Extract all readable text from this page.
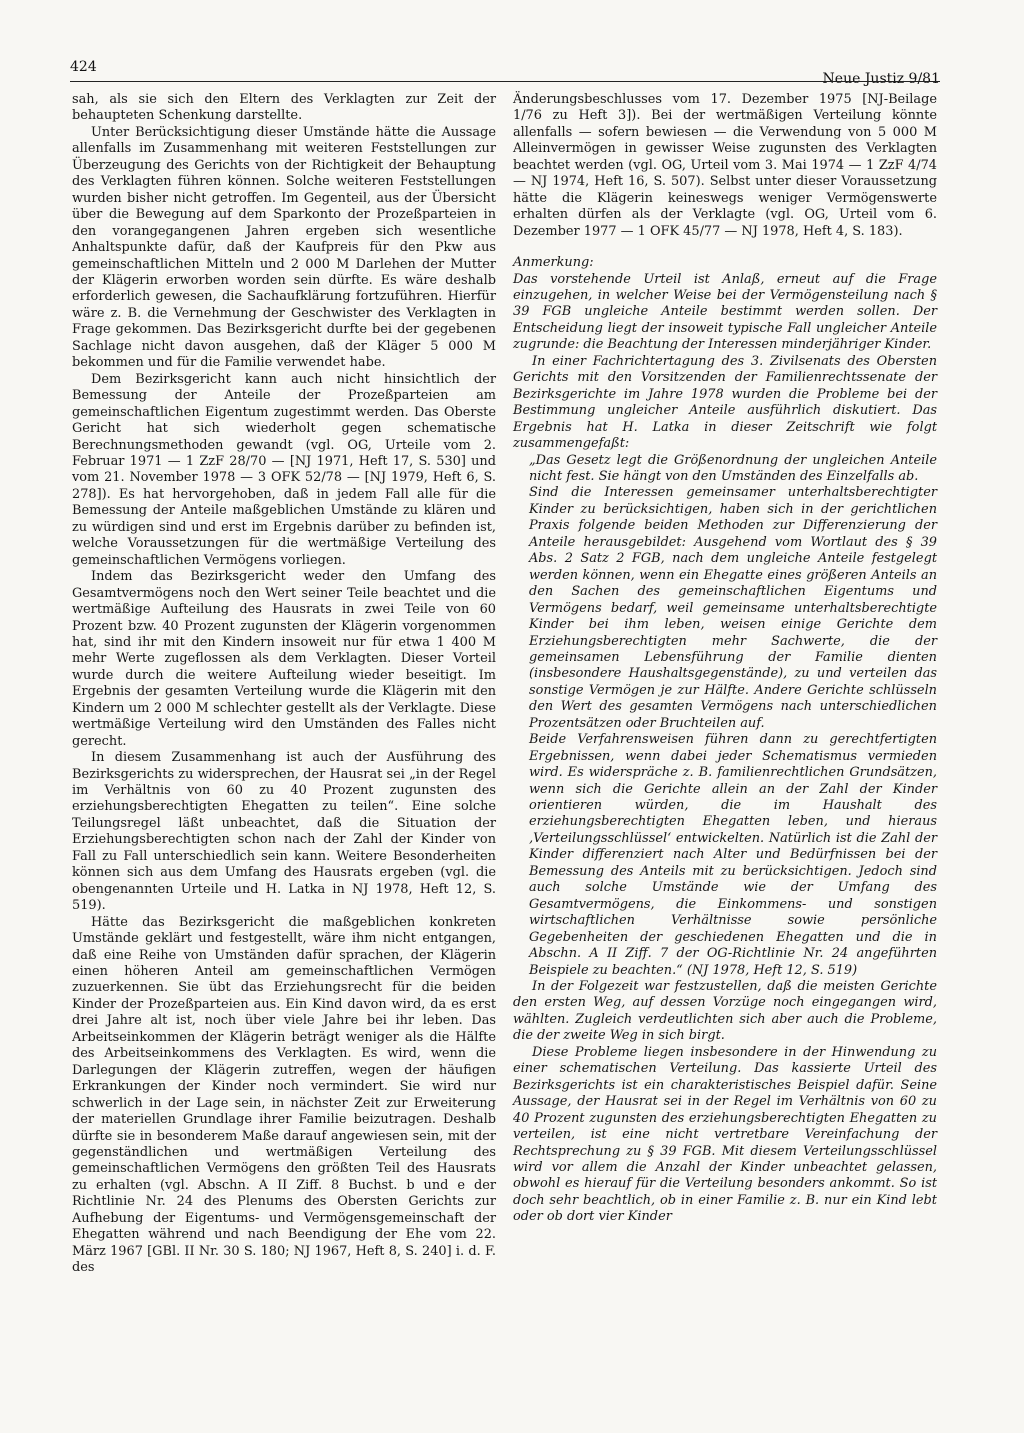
424
Neue Justiz 9/81

sah, als sie sich den Eltern des Verklagten zur Zeit der behaupteten Schenkung darstellte.

Unter Berücksichtigung dieser Umstände hätte die Aussage allenfalls im Zusammenhang mit weiteren Feststellungen zur Überzeugung des Gerichts von der Richtigkeit der Behauptung des Verklagten führen können. Solche weiteren Feststellungen wurden bisher nicht getroffen. Im Gegenteil, aus der Übersicht über die Bewegung auf dem Sparkonto der Prozeßparteien in den vorangegangenen Jahren ergeben sich wesentliche Anhaltspunkte dafür, daß der Kaufpreis für den Pkw aus gemeinschaftlichen Mitteln und 2 000 M Darlehen der Mutter der Klägerin erworben worden sein dürfte. Es wäre deshalb erforderlich gewesen, die Sachaufklärung fortzuführen. Hierfür wäre z. B. die Vernehmung der Geschwister des Verklagten in Frage gekommen. Das Bezirksgericht durfte bei der gegebenen Sachlage nicht davon ausgehen, daß der Kläger 5 000 M bekommen und für die Familie verwendet habe.

Dem Bezirksgericht kann auch nicht hinsichtlich der Bemessung der Anteile der Prozeßparteien am gemeinschaftlichen Eigentum zugestimmt werden. Das Oberste Gericht hat sich wiederholt gegen schematische Berechnungsmethoden gewandt (vgl. OG, Urteile vom 2. Februar 1971 — 1 ZzF 28/70 — [NJ 1971, Heft 17, S. 530] und vom 21. November 1978 — 3 OFK 52/78 — [NJ 1979, Heft 6, S. 278]). Es hat hervorgehoben, daß in jedem Fall alle für die Bemessung der Anteile maßgeblichen Umstände zu klären und zu würdigen sind und erst im Ergebnis darüber zu befinden ist, welche Voraussetzungen für die wertmäßige Verteilung des gemeinschaftlichen Vermögens vorliegen.

Indem das Bezirksgericht weder den Umfang des Gesamtvermögens noch den Wert seiner Teile beachtet und die wertmäßige Aufteilung des Hausrats in zwei Teile von 60 Prozent bzw. 40 Prozent zugunsten der Klägerin vorgenommen hat, sind ihr mit den Kindern insoweit nur für etwa 1 400 M mehr Werte zugeflossen als dem Verklagten. Dieser Vorteil wurde durch die weitere Aufteilung wieder beseitigt. Im Ergebnis der gesamten Verteilung wurde die Klägerin mit den Kindern um 2 000 M schlechter gestellt als der Verklagte. Diese wertmäßige Verteilung wird den Umständen des Falles nicht gerecht.

In diesem Zusammenhang ist auch der Ausführung des Bezirksgerichts zu widersprechen, der Hausrat sei „in der Regel im Verhältnis von 60 zu 40 Prozent zugunsten des erziehungsberechtigten Ehegatten zu teilen“. Eine solche Teilungsregel läßt unbeachtet, daß die Situation der Erziehungsberechtigten schon nach der Zahl der Kinder von Fall zu Fall unterschiedlich sein kann. Weitere Besonderheiten können sich aus dem Umfang des Hausrats ergeben (vgl. die obengenannten Urteile und H. Latka in NJ 1978, Heft 12, S. 519).

Hätte das Bezirksgericht die maßgeblichen konkreten Umstände geklärt und festgestellt, wäre ihm nicht entgangen, daß eine Reihe von Umständen dafür sprachen, der Klägerin einen höheren Anteil am gemeinschaftlichen Vermögen zuzuerkennen. Sie übt das Erziehungsrecht für die beiden Kinder der Prozeßparteien aus. Ein Kind davon wird, da es erst drei Jahre alt ist, noch über viele Jahre bei ihr leben. Das Arbeitseinkommen der Klägerin beträgt weniger als die Hälfte des Arbeitseinkommens des Verklagten. Es wird, wenn die Darlegungen der Klägerin zutreffen, wegen der häufigen Erkrankungen der Kinder noch vermindert. Sie wird nur schwerlich in der Lage sein, in nächster Zeit zur Erweiterung der materiellen Grundlage ihrer Familie beizutragen. Deshalb dürfte sie in besonderem Maße darauf angewiesen sein, mit der gegenständlichen und wertmäßigen Verteilung des gemeinschaftlichen Vermögens den größten Teil des Hausrats zu erhalten (vgl. Abschn. A II Ziff. 8 Buchst. b und e der Richtlinie Nr. 24 des Plenums des Obersten Gerichts zur Aufhebung der Eigentums- und Vermögensgemeinschaft der Ehegatten während und nach Beendigung der Ehe vom 22. März 1967 [GBl. II Nr. 30 S. 180; NJ 1967, Heft 8, S. 240] i. d. F. des

Änderungsbeschlusses vom 17. Dezember 1975 [NJ-Beilage 1/76 zu Heft 3]). Bei der wertmäßigen Verteilung könnte allenfalls — sofern bewiesen — die Verwendung von 5 000 M Alleinvermögen in gewisser Weise zugunsten des Verklagten beachtet werden (vgl. OG, Urteil vom 3. Mai 1974 — 1 ZzF 4/74 — NJ 1974, Heft 16, S. 507). Selbst unter dieser Voraussetzung hätte die Klägerin keineswegs weniger Vermögenswerte erhalten dürfen als der Verklagte (vgl. OG, Urteil vom 6. Dezember 1977 — 1 OFK 45/77 — NJ 1978, Heft 4, S. 183).

Anmerkung:

Das vorstehende Urteil ist Anlaß, erneut auf die Frage einzugehen, in welcher Weise bei der Vermögensteilung nach § 39 FGB ungleiche Anteile bestimmt werden sollen. Der Entscheidung liegt der insoweit typische Fall ungleicher Anteile zugrunde: die Beachtung der Interessen minderjähriger Kinder.

In einer Fachrichtertagung des 3. Zivilsenats des Obersten Gerichts mit den Vorsitzenden der Familienrechtssenate der Bezirksgerichte im Jahre 1978 wurden die Probleme bei der Bestimmung ungleicher Anteile ausführlich diskutiert. Das Ergebnis hat H. Latka in dieser Zeitschrift wie folgt zusammengefaßt:

„Das Gesetz legt die Größenordnung der ungleichen Anteile nicht fest. Sie hängt von den Umständen des Einzelfalls ab.

Sind die Interessen gemeinsamer unterhaltsberechtigter Kinder zu berücksichtigen, haben sich in der gerichtlichen Praxis folgende beiden Methoden zur Differenzierung der Anteile herausgebildet: Ausgehend vom Wortlaut des § 39 Abs. 2 Satz 2 FGB, nach dem ungleiche Anteile festgelegt werden können, wenn ein Ehegatte eines größeren Anteils an den Sachen des gemeinschaftlichen Eigentums und Vermögens bedarf, weil gemeinsame unterhaltsberechtigte Kinder bei ihm leben, weisen einige Gerichte dem Erziehungsberechtigten mehr Sachwerte, die der gemeinsamen Lebensführung der Familie dienten (insbesondere Haushaltsgegenstände), zu und verteilen das sonstige Vermögen je zur Hälfte. Andere Gerichte schlüsseln den Wert des gesamten Vermögens nach unterschiedlichen Prozentsätzen oder Bruchteilen auf.

Beide Verfahrensweisen führen dann zu gerechtfertigten Ergebnissen, wenn dabei jeder Schematismus vermieden wird. Es widerspräche z. B. familienrechtlichen Grundsätzen, wenn sich die Gerichte allein an der Zahl der Kinder orientieren würden, die im Haushalt des erziehungsberechtigten Ehegatten leben, und hieraus ‚Verteilungsschlüssel‘ entwickelten. Natürlich ist die Zahl der Kinder differenziert nach Alter und Bedürfnissen bei der Bemessung des Anteils mit zu berücksichtigen. Jedoch sind auch solche Umstände wie der Umfang des Gesamtvermögens, die Einkommens- und sonstigen wirtschaftlichen Verhältnisse sowie persönliche Gegebenheiten der geschiedenen Ehegatten und die in Abschn. A II Ziff. 7 der OG-Richtlinie Nr. 24 angeführten Beispiele zu beachten.“ (NJ 1978, Heft 12, S. 519)

In der Folgezeit war festzustellen, daß die meisten Gerichte den ersten Weg, auf dessen Vorzüge noch eingegangen wird, wählten. Zugleich verdeutlichten sich aber auch die Probleme, die der zweite Weg in sich birgt.

Diese Probleme liegen insbesondere in der Hinwendung zu einer schematischen Verteilung. Das kassierte Urteil des Bezirksgerichts ist ein charakteristisches Beispiel dafür. Seine Aussage, der Hausrat sei in der Regel im Verhältnis von 60 zu 40 Prozent zugunsten des erziehungsberechtigten Ehegatten zu verteilen, ist eine nicht vertretbare Vereinfachung der Rechtsprechung zu § 39 FGB. Mit diesem Verteilungsschlüssel wird vor allem die Anzahl der Kinder unbeachtet gelassen, obwohl es hierauf für die Verteilung besonders ankommt. So ist doch sehr beachtlich, ob in einer Familie z. B. nur ein Kind lebt oder ob dort vier Kinder
